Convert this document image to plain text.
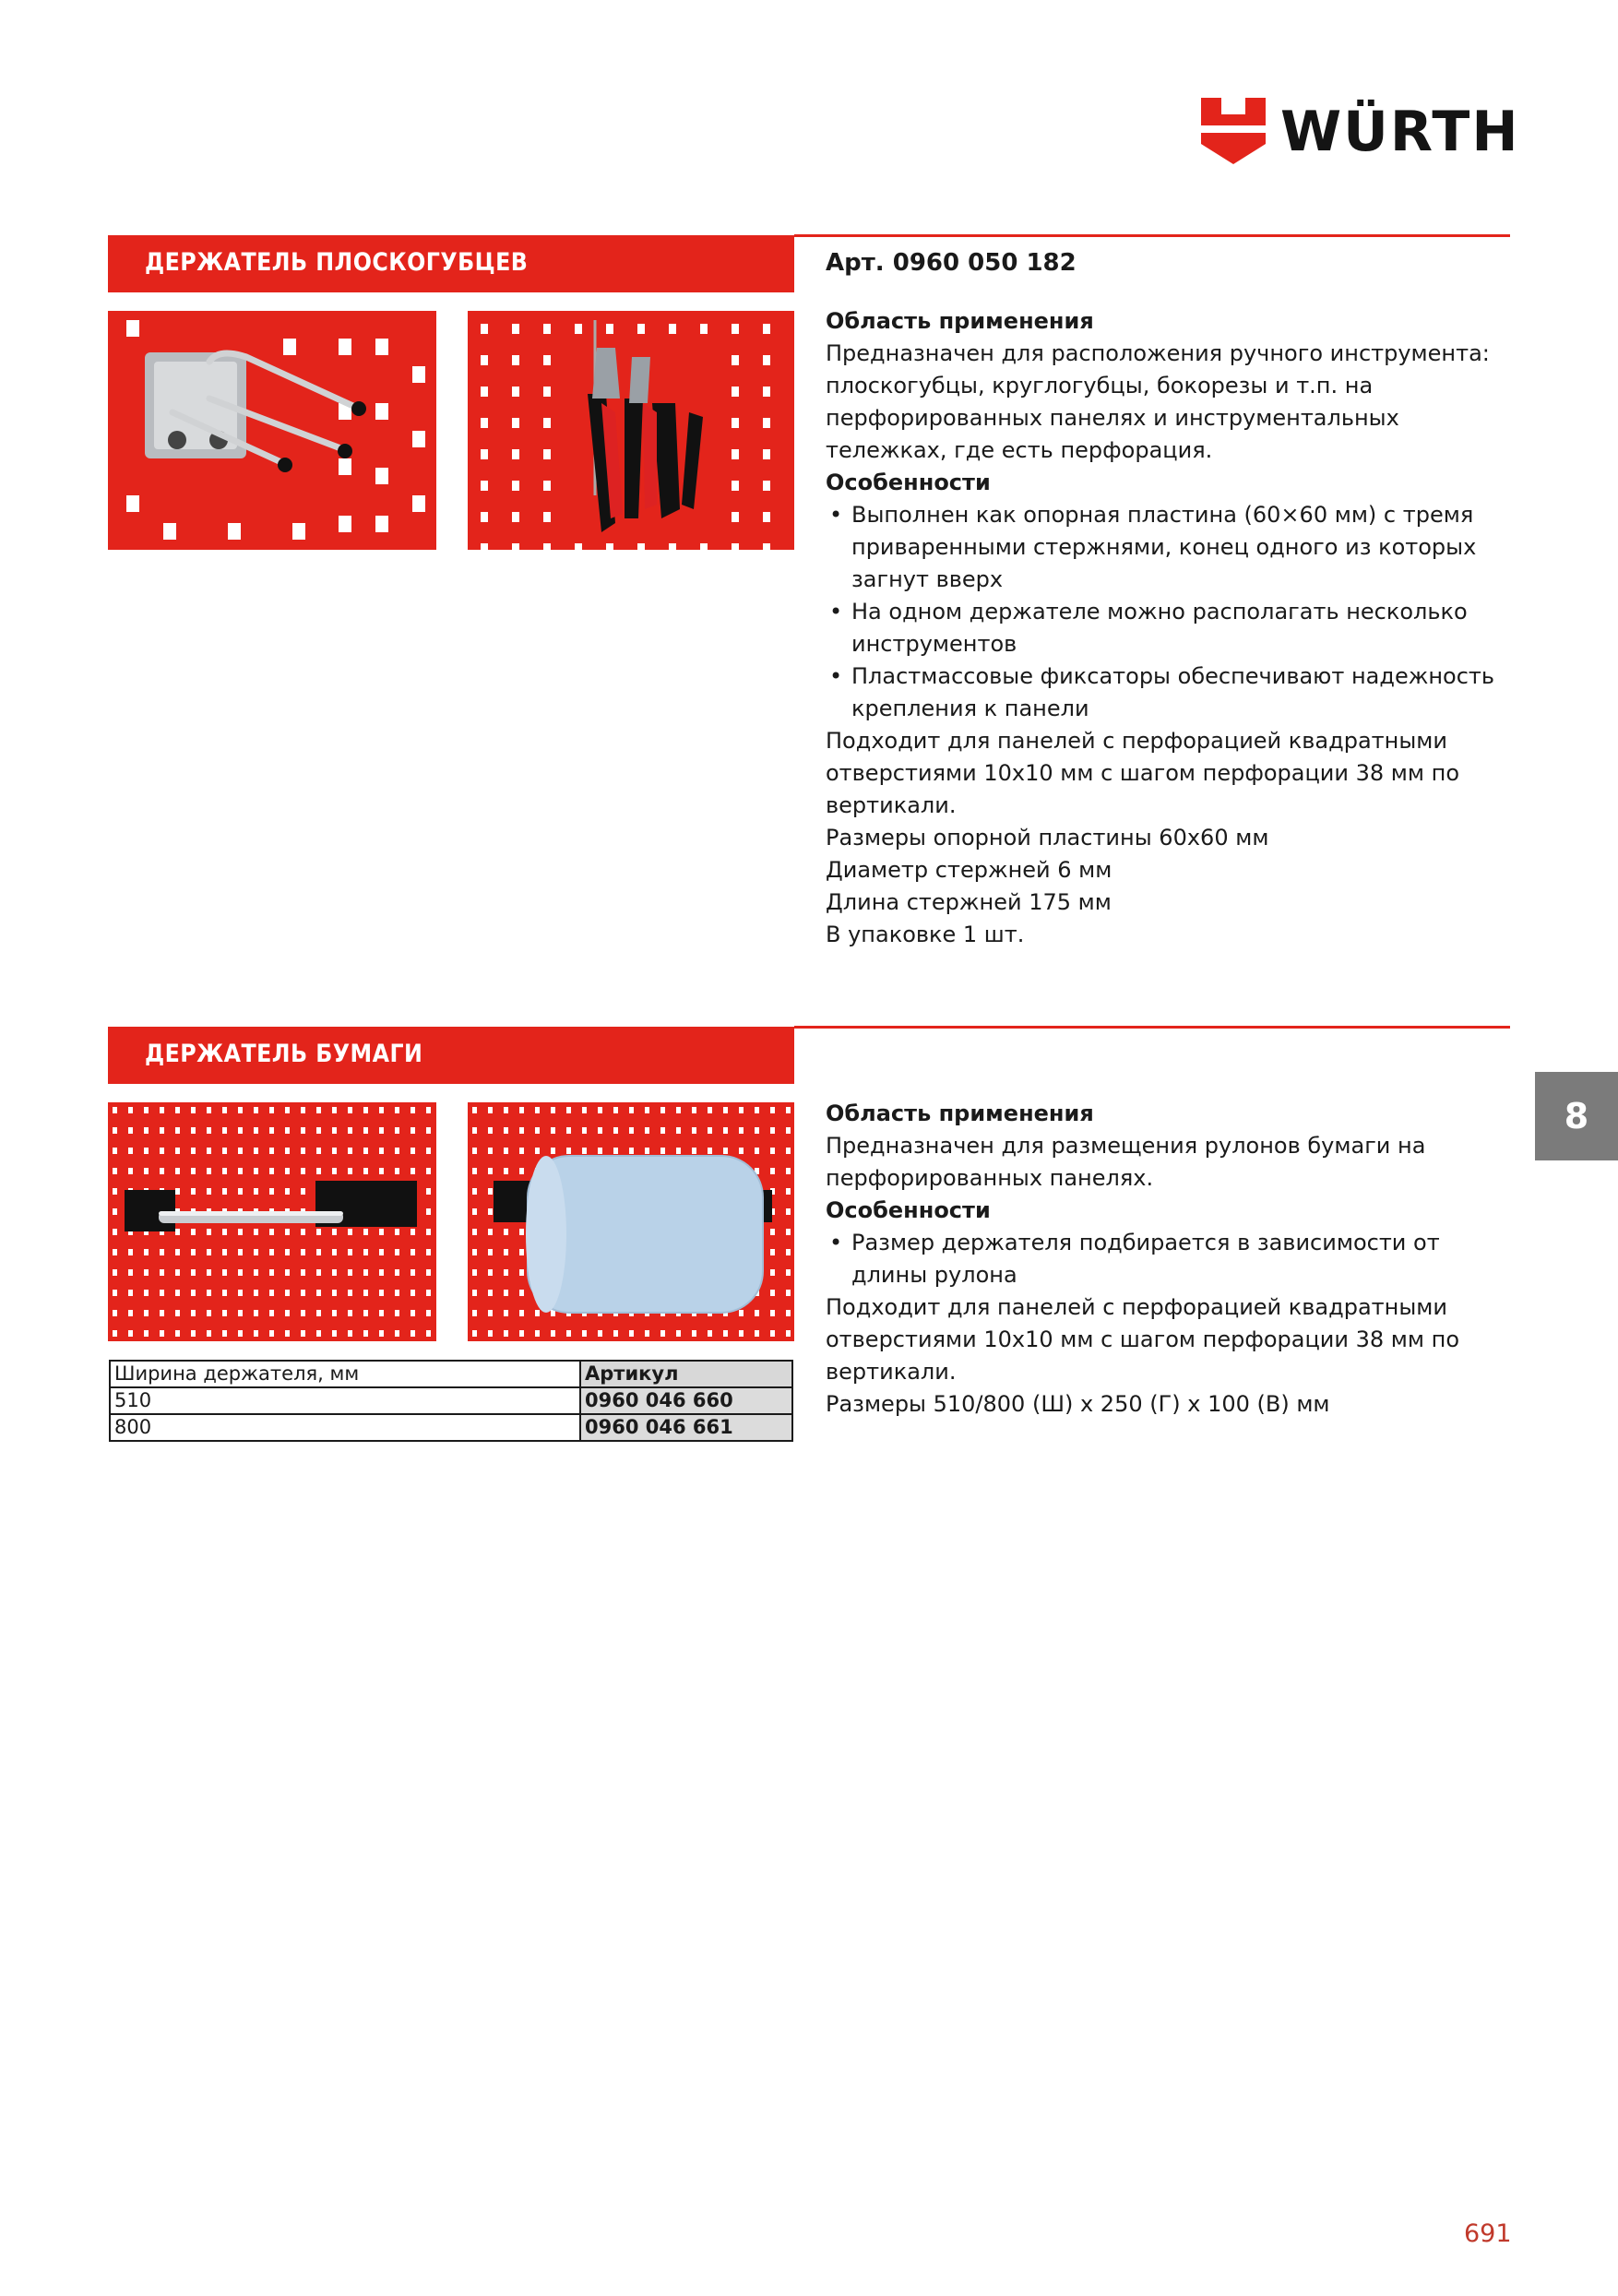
WÜRTH
ДЕРЖАТЕЛЬ ПЛОСКОГУБЦЕВ	Арт. 0960 050 182

Область применения

Предназначен для расположения ручного инструмента: плоскогубцы, круглогубцы, бокорезы и т.п. на перфорированных панелях и инструментальных тележках, где есть перфорация.

Особенности

• Выполнен как опорная пластина (60×60 мм) с тремя приваренными стержнями, конец одного из которых загнут вверх
• На одном держателе можно располагать несколько инструментов
• Пластмассовые фиксаторы обеспечивают надежность крепления к панели

Подходит для панелей с перфорацией квадратными отверстиями 10x10 мм с шагом перфорации 38 мм по вертикали.

Размеры опорной пластины 60x60 мм

Диаметр стержней 6 мм

Длина стержней 175 мм

В упаковке 1 шт.

ДЕРЖАТЕЛЬ БУМАГИ
Ширина держателя, мм	Артикул
510	0960 046 660
800	0960 046 661

Область применения

Предназначен для размещения рулонов бумаги на перфорированных панелях.

Особенности

• Размер держателя подбирается в зависимости от длины рулона

Подходит для панелей с перфорацией квадратными отверстиями 10x10 мм с шагом перфорации 38 мм по вертикали.

Размеры 510/800 (Ш) x 250 (Г) x 100 (В) мм

8
691
